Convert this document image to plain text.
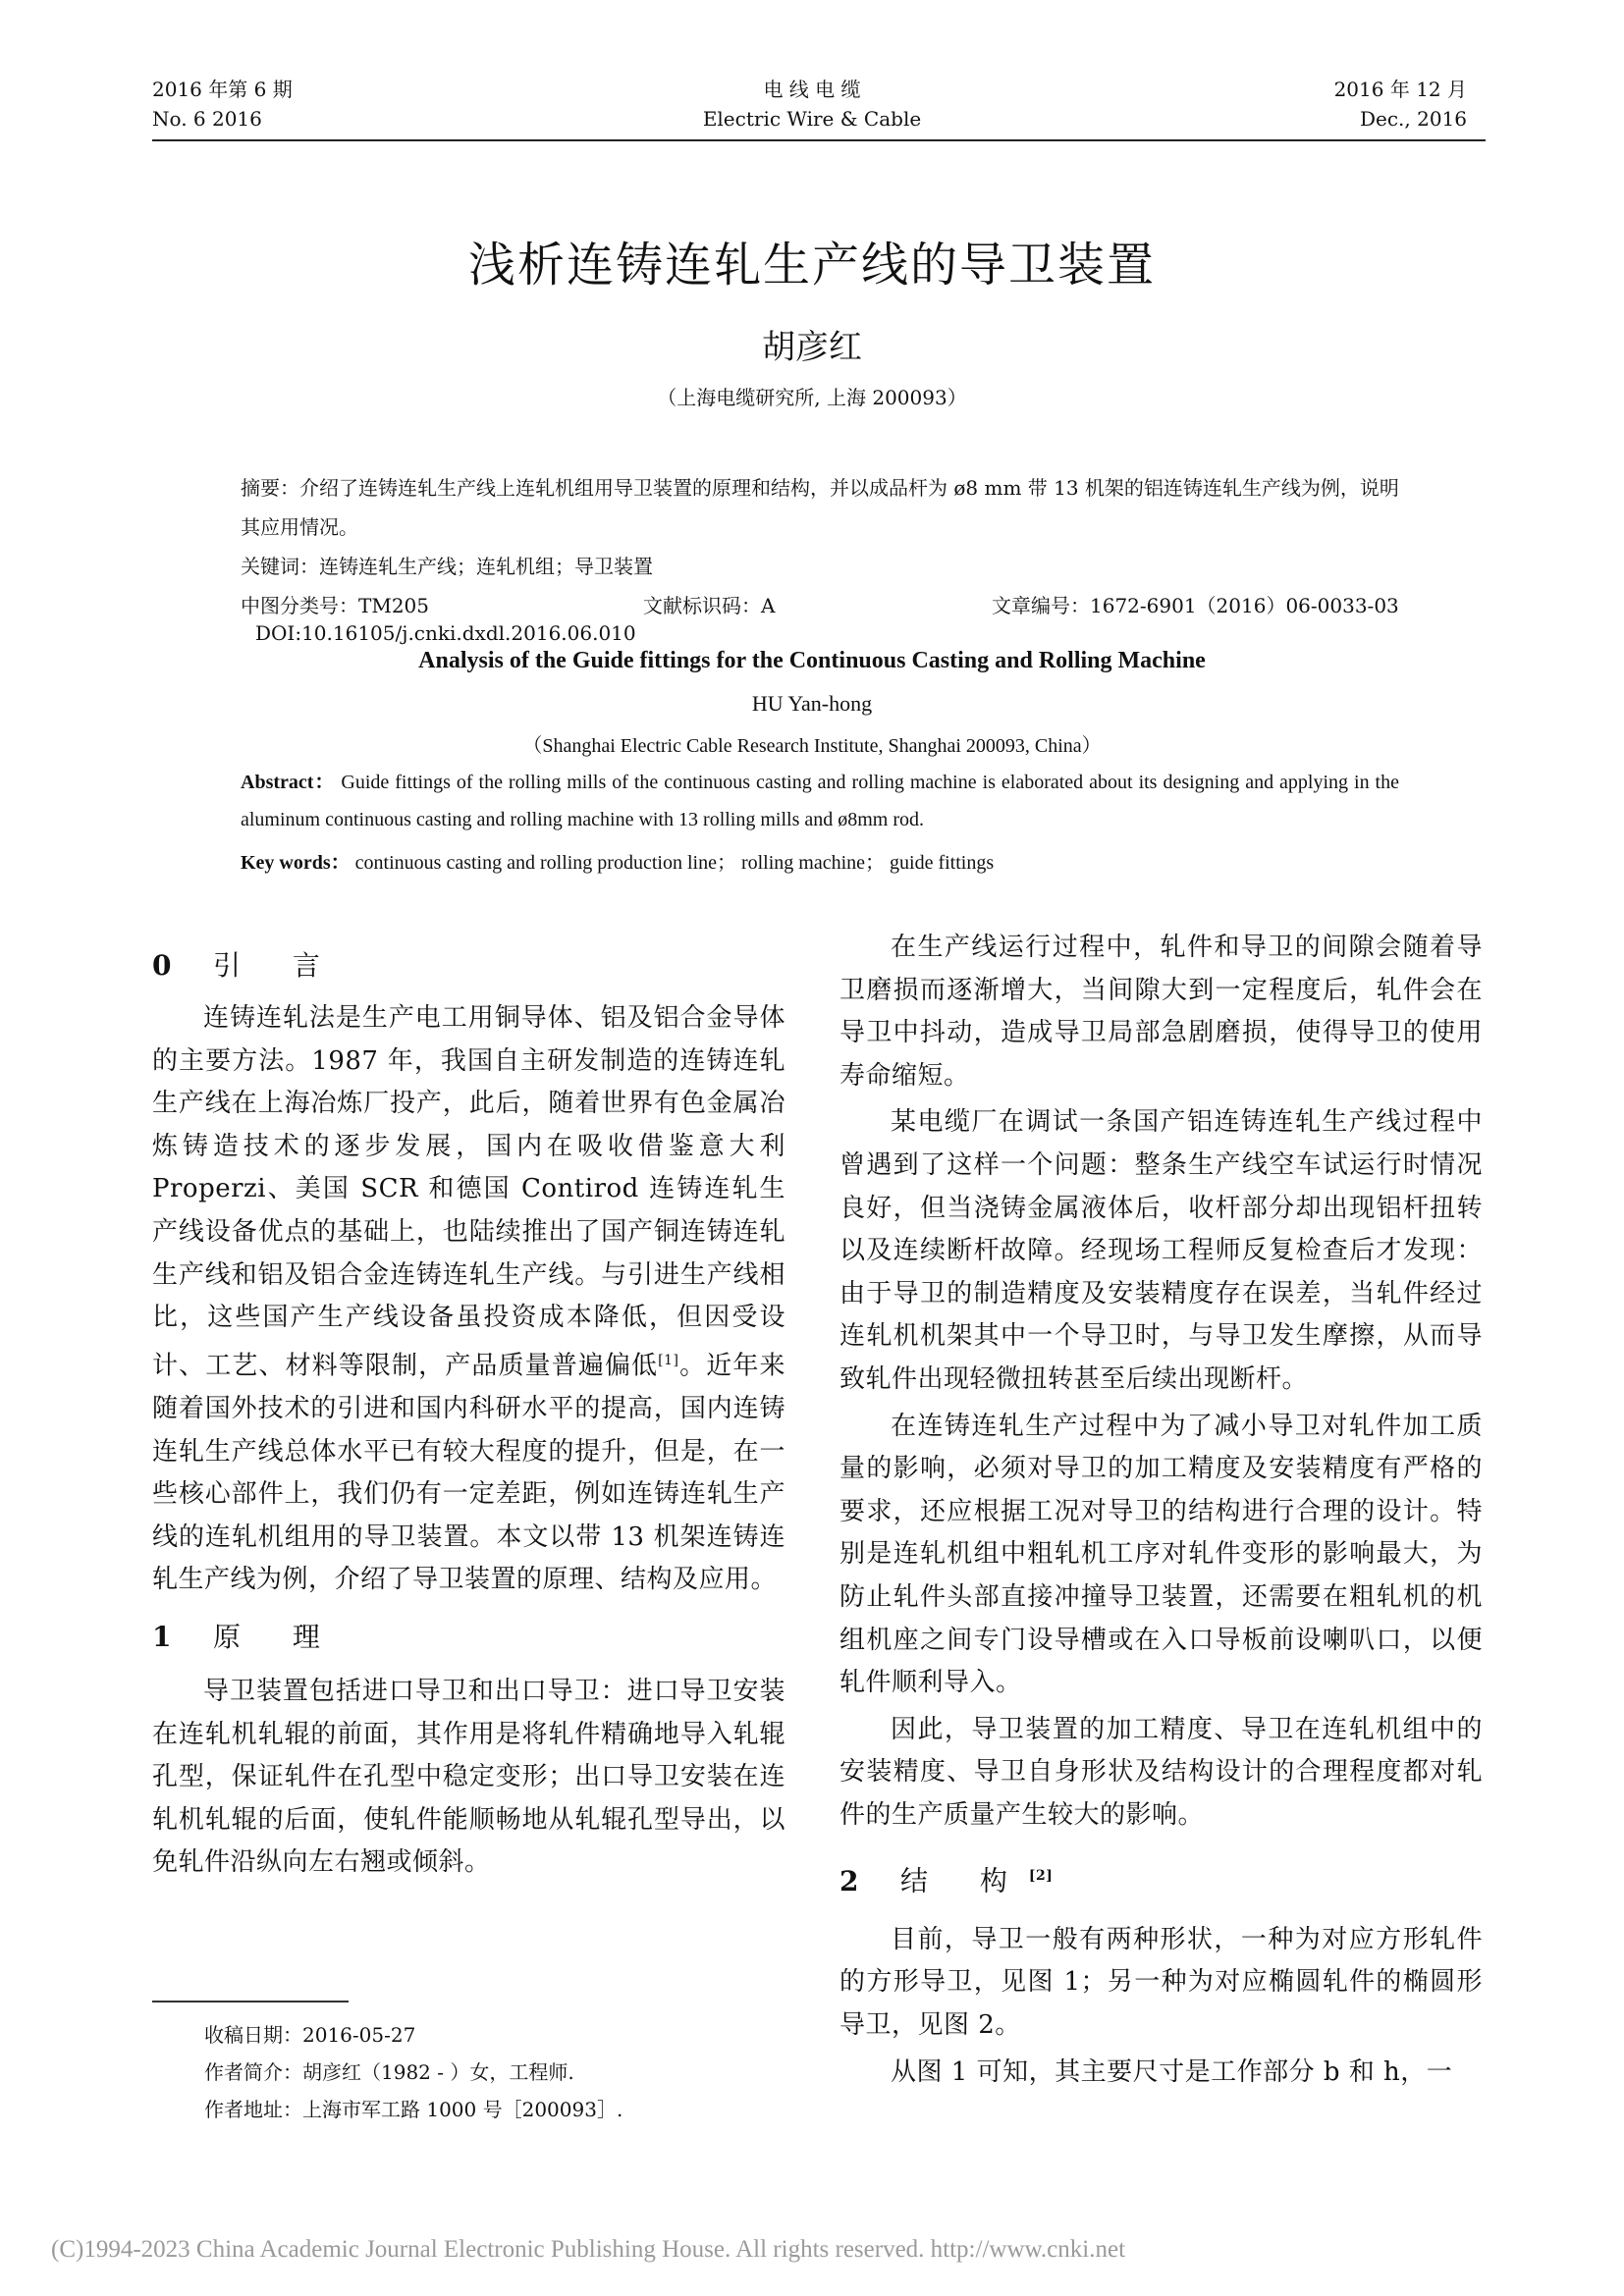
2016 年第 6 期
No. 6 2016
电 线 电 缆
Electric Wire & Cable
2016 年 12 月
Dec., 2016
浅析连铸连轧生产线的导卫装置
胡彦红
（上海电缆研究所, 上海 200093）
摘要：介绍了连铸连轧生产线上连轧机组用导卫装置的原理和结构，并以成品杆为 ø8 mm 带 13 机架的铝连铸连轧生产线为例，说明其应用情况。
关键词：连铸连轧生产线；连轧机组；导卫装置
中图分类号：TM205	文献标识码：A	文章编号：1672-6901（2016）06-0033-03
DOI:10.16105/j.cnki.dxdl.2016.06.010
Analysis of the Guide fittings for the Continuous Casting and Rolling Machine
HU Yan-hong
（Shanghai Electric Cable Research Institute, Shanghai 200093, China）
Abstract： Guide fittings of the rolling mills of the continuous casting and rolling machine is elaborated about its designing and applying in the aluminum continuous casting and rolling machine with 13 rolling mills and ø8mm rod.
Key words： continuous casting and rolling production line； rolling machine； guide fittings
0 引 言

连铸连轧法是生产电工用铜导体、铝及铝合金导体的主要方法。1987 年，我国自主研发制造的连铸连轧生产线在上海冶炼厂投产，此后，随着世界有色金属冶炼铸造技术的逐步发展，国内在吸收借鉴意大利 Properzi、美国 SCR 和德国 Contirod 连铸连轧生产线设备优点的基础上，也陆续推出了国产铜连铸连轧生产线和铝及铝合金连铸连轧生产线。与引进生产线相比，这些国产生产线设备虽投资成本降低，但因受设计、工艺、材料等限制，产品质量普遍偏低[1]。近年来随着国外技术的引进和国内科研水平的提高，国内连铸连轧生产线总体水平已有较大程度的提升，但是，在一些核心部件上，我们仍有一定差距，例如连铸连轧生产线的连轧机组用的导卫装置。本文以带 13 机架连铸连轧生产线为例，介绍了导卫装置的原理、结构及应用。

1 原 理

导卫装置包括进口导卫和出口导卫：进口导卫安装在连轧机轧辊的前面，其作用是将轧件精确地导入轧辊孔型，保证轧件在孔型中稳定变形；出口导卫安装在连轧机轧辊的后面，使轧件能顺畅地从轧辊孔型导出，以免轧件沿纵向左右翘或倾斜。

在生产线运行过程中，轧件和导卫的间隙会随着导卫磨损而逐渐增大，当间隙大到一定程度后，轧件会在导卫中抖动，造成导卫局部急剧磨损，使得导卫的使用寿命缩短。

某电缆厂在调试一条国产铝连铸连轧生产线过程中曾遇到了这样一个问题：整条生产线空车试运行时情况良好，但当浇铸金属液体后，收杆部分却出现铝杆扭转以及连续断杆故障。经现场工程师反复检查后才发现：由于导卫的制造精度及安装精度存在误差，当轧件经过连轧机机架其中一个导卫时，与导卫发生摩擦，从而导致轧件出现轻微扭转甚至后续出现断杆。

在连铸连轧生产过程中为了减小导卫对轧件加工质量的影响，必须对导卫的加工精度及安装精度有严格的要求，还应根据工况对导卫的结构进行合理的设计。特别是连轧机组中粗轧机工序对轧件变形的影响最大，为防止轧件头部直接冲撞导卫装置，还需要在粗轧机的机组机座之间专门设导槽或在入口导板前设喇叭口，以便轧件顺利导入。

因此，导卫装置的加工精度、导卫在连轧机组中的安装精度、导卫自身形状及结构设计的合理程度都对轧件的生产质量产生较大的影响。

2 结 构[2]

目前，导卫一般有两种形状，一种为对应方形轧件的方形导卫，见图 1；另一种为对应椭圆轧件的椭圆形导卫，见图 2。

从图 1 可知，其主要尺寸是工作部分 b 和 h，一

收稿日期：2016-05-27
作者简介：胡彦红（1982 - ）女，工程师.
作者地址：上海市军工路 1000 号［200093］.
(C)1994-2023 China Academic Journal Electronic Publishing House. All rights reserved. http://www.cnki.net
